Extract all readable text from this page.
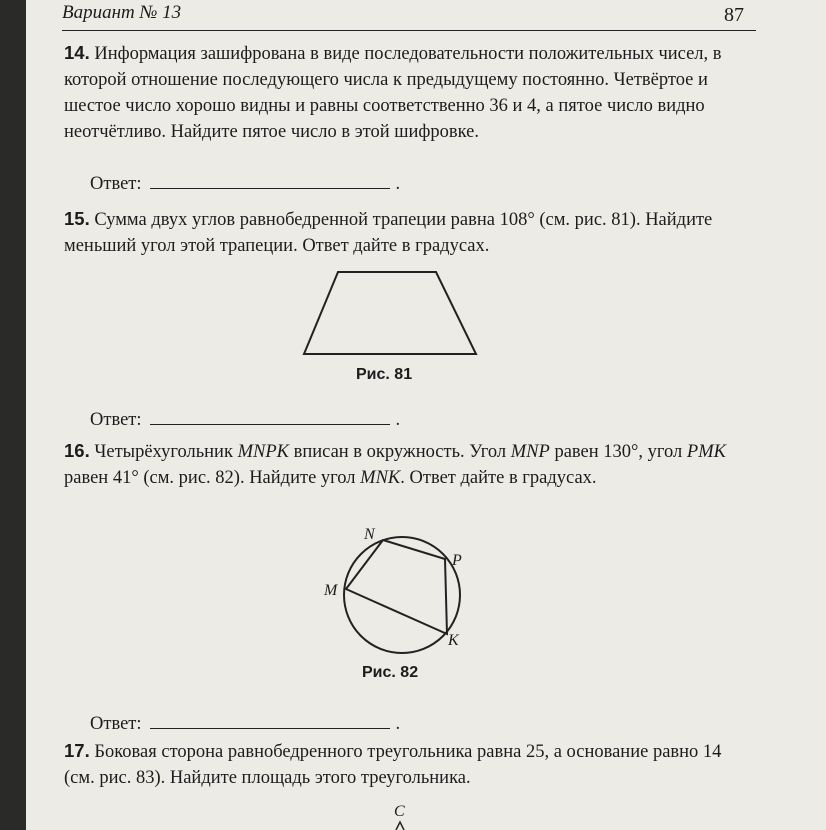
Вариант № 13	87
14. Информация зашифрована в виде последовательности положительных чисел, в которой отношение последующего числа к предыдущему постоянно. Четвёртое и шестое число хорошо видны и равны соответственно 36 и 4, а пятое число видно неотчётливо. Найдите пятое число в этой шифровке.
Ответ:	.
15. Сумма двух углов равнобедренной трапеции равна 108° (см. рис. 81). Найдите меньший угол этой трапеции. Ответ дайте в градусах.
Рис. 81
Ответ:	.
16. Четырёхугольник MNPK вписан в окружность. Угол MNP равен 130°, угол PMK равен 41° (см. рис. 82). Найдите угол MNK. Ответ дайте в градусах.
N
P
M
K
Рис. 82
Ответ:	.
17. Боковая сторона равнобедренного треугольника равна 25, а основание равно 14 (см. рис. 83). Найдите площадь этого треугольника.
C
